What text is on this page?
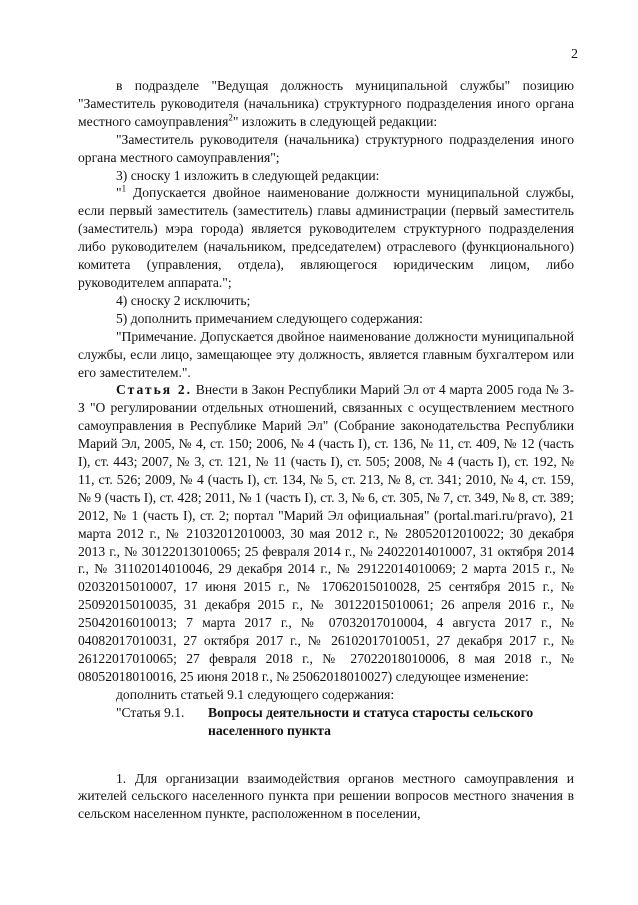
2

в подразделе "Ведущая должность муниципальной службы" позицию "Заместитель руководителя (начальника) структурного подразделения иного органа местного самоуправления$^2$" изложить в следующей редакции:

"Заместитель руководителя (начальника) структурного подразделения иного органа местного самоуправления";

3) сноску 1 изложить в следующей редакции:

"$^1$ Допускается двойное наименование должности муниципальной службы, если первый заместитель (заместитель) главы администрации (первый заместитель (заместитель) мэра города) является руководителем структурного подразделения либо руководителем (начальником, председателем) отраслевого (функционального) комитета (управления, отдела), являющегося юридическим лицом, либо руководителем аппарата.";

4) сноску 2 исключить;

5) дополнить примечанием следующего содержания:

"Примечание. Допускается двойное наименование должности муниципальной службы, если лицо, замещающее эту должность, является главным бухгалтером или его заместителем.".

Статья 2. Внести в Закон Республики Марий Эл от 4 марта 2005 года № 3-З "О регулировании отдельных отношений, связанных с осуществлением местного самоуправления в Республике Марий Эл" (Собрание законодательства Республики Марий Эл, 2005, № 4, ст. 150; 2006, № 4 (часть I), ст. 136, № 11, ст. 409, № 12 (часть I), ст. 443; 2007, № 3, ст. 121, № 11 (часть I), ст. 505; 2008, № 4 (часть I), ст. 192, № 11, ст. 526; 2009, № 4 (часть I), ст. 134, № 5, ст. 213, № 8, ст. 341; 2010, № 4, ст. 159, № 9 (часть I), ст. 428; 2011, № 1 (часть I), ст. 3, № 6, ст. 305, № 7, ст. 349, № 8, ст. 389; 2012, № 1 (часть I), ст. 2; портал "Марий Эл официальная" (portal.mari.ru/pravo), 21 марта 2012 г., № 21032012010003, 30 мая 2012 г., № 28052012010022; 30 декабря 2013 г., № 30122013010065; 25 февраля 2014 г., № 24022014010007, 31 октября 2014 г., № 31102014010046, 29 декабря 2014 г., № 29122014010069; 2 марта 2015 г., № 02032015010007, 17 июня 2015 г., № 17062015010028, 25 сентября 2015 г., № 25092015010035, 31 декабря 2015 г., № 30122015010061; 26 апреля 2016 г., № 25042016010013; 7 марта 2017 г., № 07032017010004, 4 августа 2017 г., № 04082017010031, 27 октября 2017 г., № 26102017010051, 27 декабря 2017 г., № 26122017010065; 27 февраля 2018 г., № 27022018010006, 8 мая 2018 г., № 08052018010016, 25 июня 2018 г., № 25062018010027) следующее изменение:

дополнить статьей 9.1 следующего содержания:

"Статья 9.1.	Вопросы деятельности и статуса старосты сельского населенного пункта

1. Для организации взаимодействия органов местного самоуправления и жителей сельского населенного пункта при решении вопросов местного значения в сельском населенном пункте, расположенном в поселении,
